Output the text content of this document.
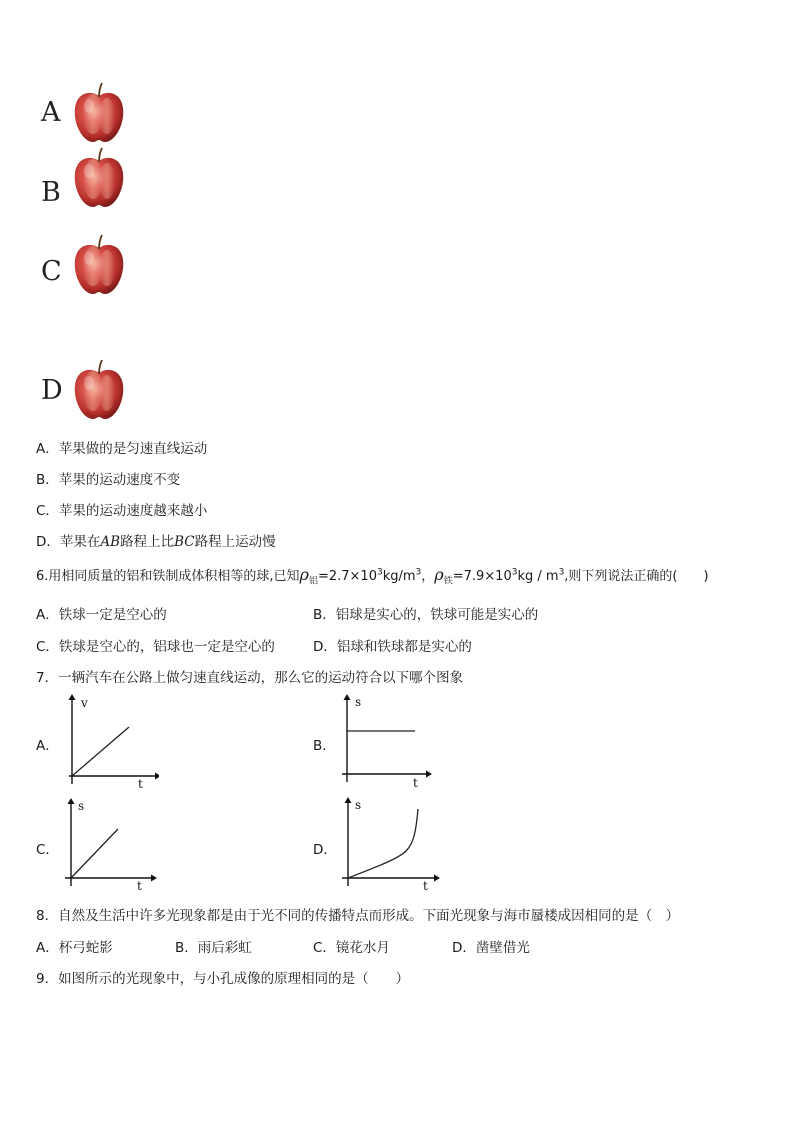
A
B
C
D
A．苹果做的是匀速直线运动
B．苹果的运动速度不变
C．苹果的运动速度越来越小
D．苹果在AB路程上比BC路程上运动慢
6.用相同质量的铝和铁制成体积相等的球,已知$\rho_铝=2.7\times 10^3kg/m^3$，$\rho_铁=7.9\times 10^3kg / m^3$,则下列说法正确的(　　)
A．铁球一定是空心的	B．铝球是实心的，铁球可能是实心的
C．铁球是空心的，铝球也一定是空心的	D．铝球和铁球都是实心的
7．一辆汽车在公路上做匀速直线运动，那么它的运动符合以下哪个图象
A．
v
t
B．
s
t
C．
s
t
D．
s
t
8．自然及生活中许多光现象都是由于光不同的传播特点而形成。下面光现象与海市蜃楼成因相同的是（　）
A．杯弓蛇影	B．雨后彩虹	C．镜花水月	D．凿壁借光
9．如图所示的光现象中，与小孔成像的原理相同的是（　　）
